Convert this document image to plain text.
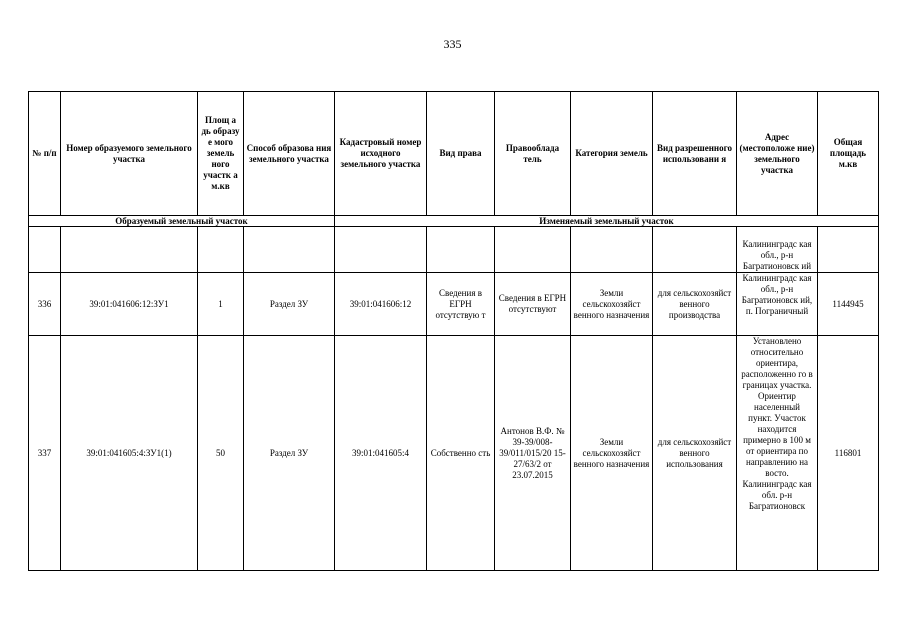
335
№ п/п	Номер образуемого земельного участка	Площ а дь образу е мого земель ного участк а м.кв	Способ образова ния земельного участка	Кадастровый номер исходного земельного участка	Вид права	Правообладa тель	Категория земель	Вид разрешенного использовани я	Адрес (местоположе ние) земельного участка	Общая площадь м.кв
Образуемый земельный участок				Изменяемый земельный участок						

									Калининградс кая обл., р-н Багратионовск ий	

336	39:01:041606:12:ЗУ1	1	Раздел ЗУ	39:01:041606:12	Сведения в ЕГРН отсутствую т	Сведения в ЕГРН отсутствуют	Земли сельскохозяйст венного назначения	для сельскохозяйст венного производства	Калининградс кая обл., р-н Багратионовск ий, п. Пограничный	1144945
337	39:01:041605:4:ЗУ1(1)	50	Раздел ЗУ	39:01:041605:4	Собственно сть	Антонов В.Ф. № 39-39/008-39/011/015/20 15-27/63/2 от 23.07.2015	Земли сельскохозяйст венного назначения	для сельскохозяйст венного использования	Установлено относительно ориентира, расположенно го в границах участка. Ориентир населенный пункт. Участок находится примерно в 100 м от ориентира по направлению на восто. Калининградс кая обл. р-н Багратионовск	116801
